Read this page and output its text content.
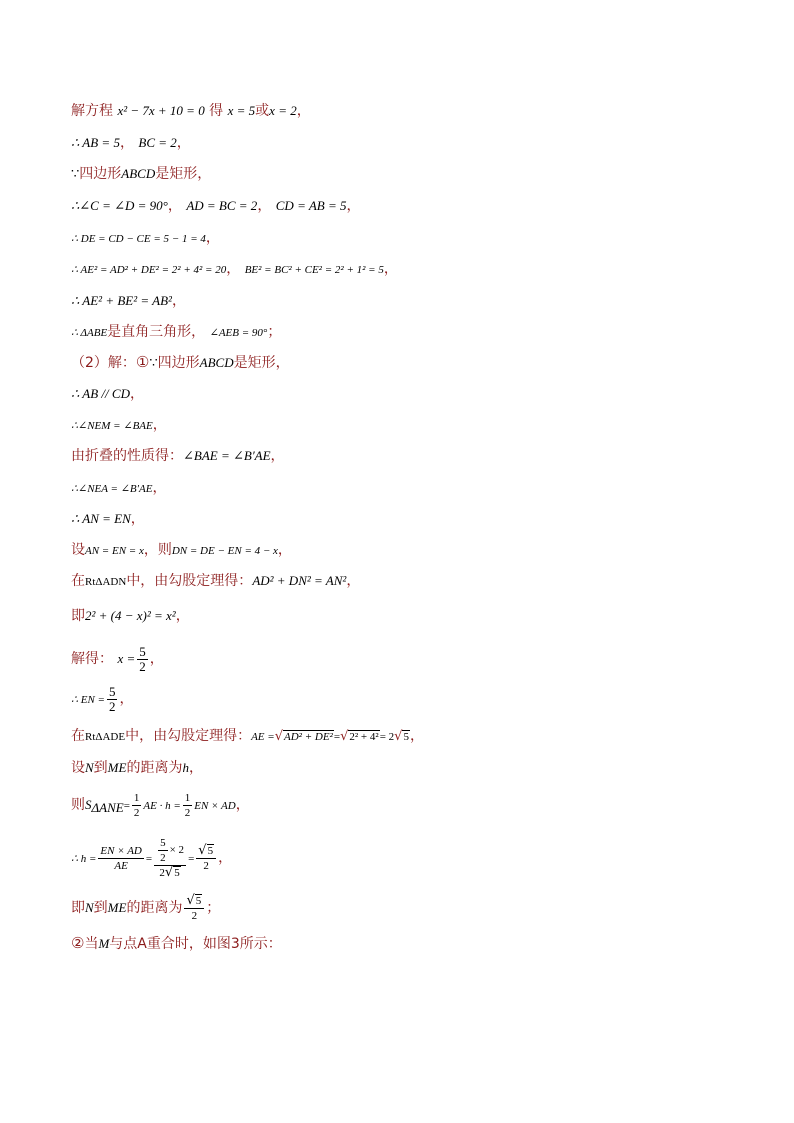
解方程 x² − 7x + 10 = 0 得 x = 5或x = 2，
∴ AB = 5， BC = 2，
∵四边形ABCD是矩形，
∴∠C = ∠D = 90°， AD = BC = 2， CD = AB = 5，
∴ DE = CD − CE = 5 − 1 = 4，
∴ AE² = AD² + DE² = 2² + 4² = 20， BE² = BC² + CE² = 2² + 1² = 5，
∴ AE² + BE² = AB²，
∴ ΔABE是直角三角形， ∠AEB = 90°；
（2）解：①∵四边形ABCD是矩形，
∴ AB // CD，
∴∠NEM = ∠BAE，
由折叠的性质得：∠BAE = ∠B′AE，
∴∠NEA = ∠B′AE，
∴ AN = EN，
设AN = EN = x，则DN = DE − EN = 4 − x，
在RtΔADN中，由勾股定理得：AD² + DN² = AN²，
即2² + (4 − x)² = x²，
解得： $x = \frac{5}{2}$ ，
∴ EN = $\frac{5}{2}$ ，
在RtΔADE中，由勾股定理得：AE =√AD² + DE²=√2² + 4²= 2√5，
设N到ME的距离为h，
则$S_{\Delta ANE}= \frac{1}{2}$ AE · $h = \frac{1}{2}$ EN × AD，
∴ $h = \frac{EN \times AD}{AE} = \frac{\frac{5}{2} \times 2}{2√5} = \frac{√5}{2}$ ，
即N到ME的距离为 $\frac{√5}{2}$ ；
②当M与点A重合时，如图3所示：
